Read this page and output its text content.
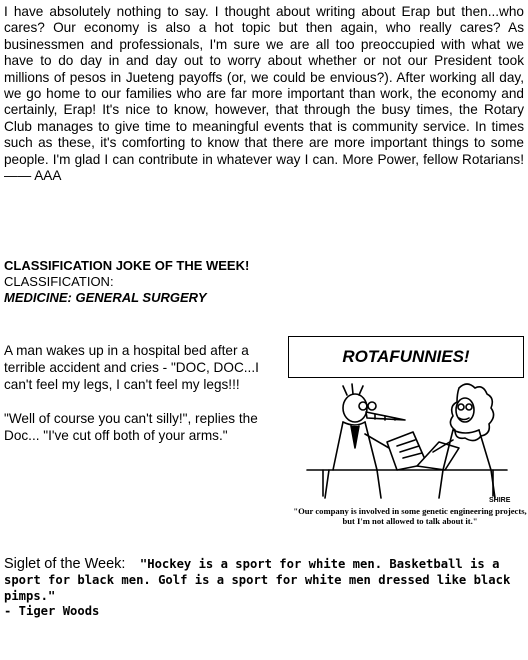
I have absolutely nothing to say. I thought about writing about Erap but then...who cares? Our economy is also a hot topic but then again, who really cares? As businessmen and professionals, I'm sure we are all too preoccupied with what we have to do day in and day out to worry about whether or not our President took millions of pesos in Jueteng payoffs (or, we could be envious?). After working all day, we go home to our families who are far more important than work, the economy and certainly, Erap! It's nice to know, however, that through the busy times, the Rotary Club manages to give time to meaningful events that is community service. In times such as these, it's comforting to know that there are more important things to some people. I'm glad I can contribute in whatever way I can. More Power, fellow Rotarians! —— AAA
CLASSIFICATION JOKE OF THE WEEK!
CLASSIFICATION:
MEDICINE: GENERAL SURGERY

A man wakes up in a hospital bed after a terrible accident and cries - "DOC, DOC...I can't feel my legs, I can't feel my legs!!!

"Well of course you can't silly!", replies the Doc... "I've cut off both of your arms."

ROTAFUNNIES!
SHIRE
"Our company is involved in some genetic engineering projects, but I'm not allowed to talk about it."
Siglet of the Week: "Hockey is a sport for white men. Basketball is a sport for black men. Golf is a sport for white men dressed like black pimps."
- Tiger Woods
